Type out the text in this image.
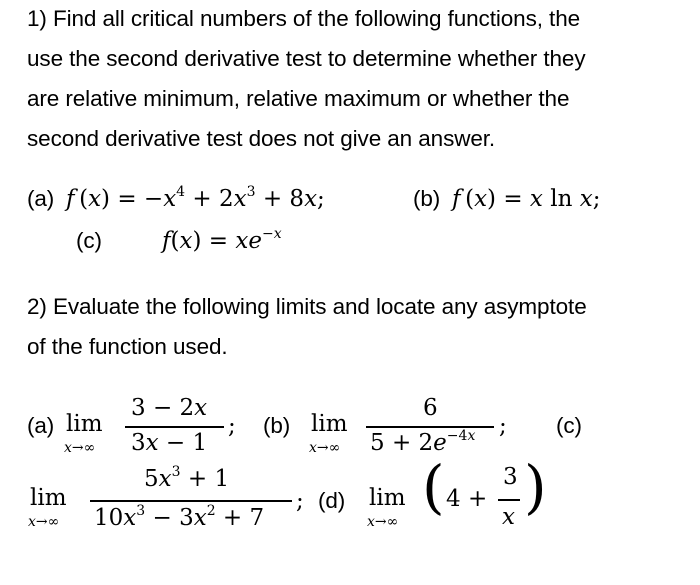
1) Find all critical numbers of the following functions, the
use the second derivative test to determine whether they
are relative minimum, relative maximum or whether the
second derivative test does not give an answer.
(a) f $(x) = -x^4 + 2x^3 + 8x$;	(b) f (x) = x ln x;
(c)	$f(x) = xe^{-x}$
2) Evaluate the following limits and locate any asymptote
of the function used.
(a) lim
x→∞
3 − 2x
3x − 1
; (b) lim
x→∞
6
$5 + 2e^{-4x}$ ; (c)
lim
x→∞
$5x^3 + 1$
$10x^3 - 3x^2 + 7$
; (d) lim
x→∞
( 4 +
3
x )
